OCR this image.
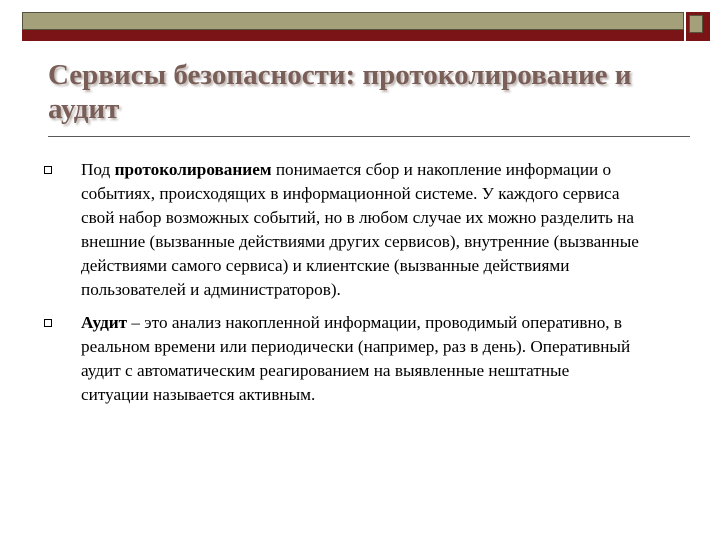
Сервисы безопасности: протоколирование и аудит
Под протоколированием понимается сбор и накопление информации о событиях, происходящих в информационной системе. У каждого сервиса свой набор возможных событий, но в любом случае их можно разделить на внешние (вызванные действиями других сервисов), внутренние (вызванные действиями самого сервиса) и клиентские (вызванные действиями пользователей и администраторов).
Аудит – это анализ накопленной информации, проводимый оперативно, в реальном времени или периодически (например, раз в день). Оперативный аудит с автоматическим реагированием на выявленные нештатные ситуации называется активным.
